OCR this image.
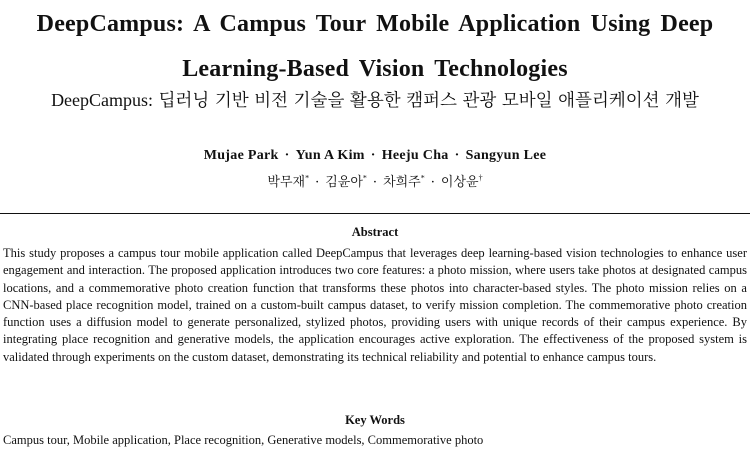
DeepCampus: A Campus Tour Mobile Application Using Deep
Learning-Based Vision Technologies
DeepCampus: 딥러닝 기반 비전 기술을 활용한 캠퍼스 관광 모바일 애플리케이션 개발
Mujae Park · Yun A Kim · Heeju Cha · Sangyun Lee
박무재* · 김윤아* · 차희주* · 이상윤†
Abstract

This study proposes a campus tour mobile application called DeepCampus that leverages deep learning-based vision technologies to enhance user engagement and interaction. The proposed application introduces two core features: a photo mission, where users take photos at designated campus locations, and a commemorative photo creation function that transforms these photos into character-based styles. The photo mission relies on a CNN-based place recognition model, trained on a custom-built campus dataset, to verify mission completion. The commemorative photo creation function uses a diffusion model to generate personalized, stylized photos, providing users with unique records of their campus experience. By integrating place recognition and generative models, the application encourages active exploration. The effectiveness of the proposed system is validated through experiments on the custom dataset, demonstrating its technical reliability and potential to enhance campus tours.

Key Words

Campus tour, Mobile application, Place recognition, Generative models, Commemorative photo
